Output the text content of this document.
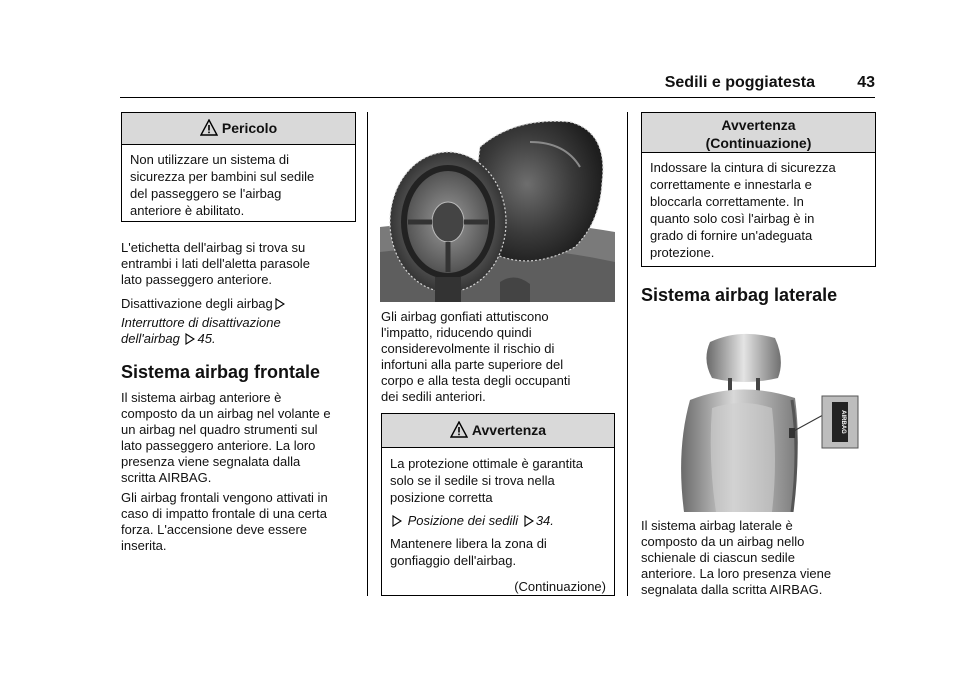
Sedili e poggiatesta	43
Pericolo
Non utilizzare un sistema di
sicurezza per bambini sul sedile
del passeggero se l'airbag
anteriore è abilitato.
L'etichetta dell'airbag si trova su
entrambi i lati dell'aletta parasole
lato passeggero anteriore.
Disattivazione degli airbag
Interruttore di disattivazione
dell'airbag 45.
Sistema airbag frontale
Il sistema airbag anteriore è
composto da un airbag nel volante e
un airbag nel quadro strumenti sul
lato passeggero anteriore. La loro
presenza viene segnalata dalla
scritta AIRBAG.
Gli airbag frontali vengono attivati in
caso di impatto frontale di una certa
forza. L'accensione deve essere
inserita.
Gli airbag gonfiati attutiscono
l'impatto, riducendo quindi
considerevolmente il rischio di
infortuni alla parte superiore del
corpo e alla testa degli occupanti
dei sedili anteriori.
Avvertenza
La protezione ottimale è garantita
solo se il sedile si trova nella
posizione corretta
Posizione dei sedili 34.
Mantenere libera la zona di
gonfiaggio dell'airbag.
(Continuazione)
Avvertenza
(Continuazione)
Indossare la cintura di sicurezza
correttamente e innestarla e
bloccarla correttamente. In
quanto solo così l'airbag è in
grado di fornire un'adeguata
protezione.
Sistema airbag laterale
AIRBAG
Il sistema airbag laterale è
composto da un airbag nello
schienale di ciascun sedile
anteriore. La loro presenza viene
segnalata dalla scritta AIRBAG.
